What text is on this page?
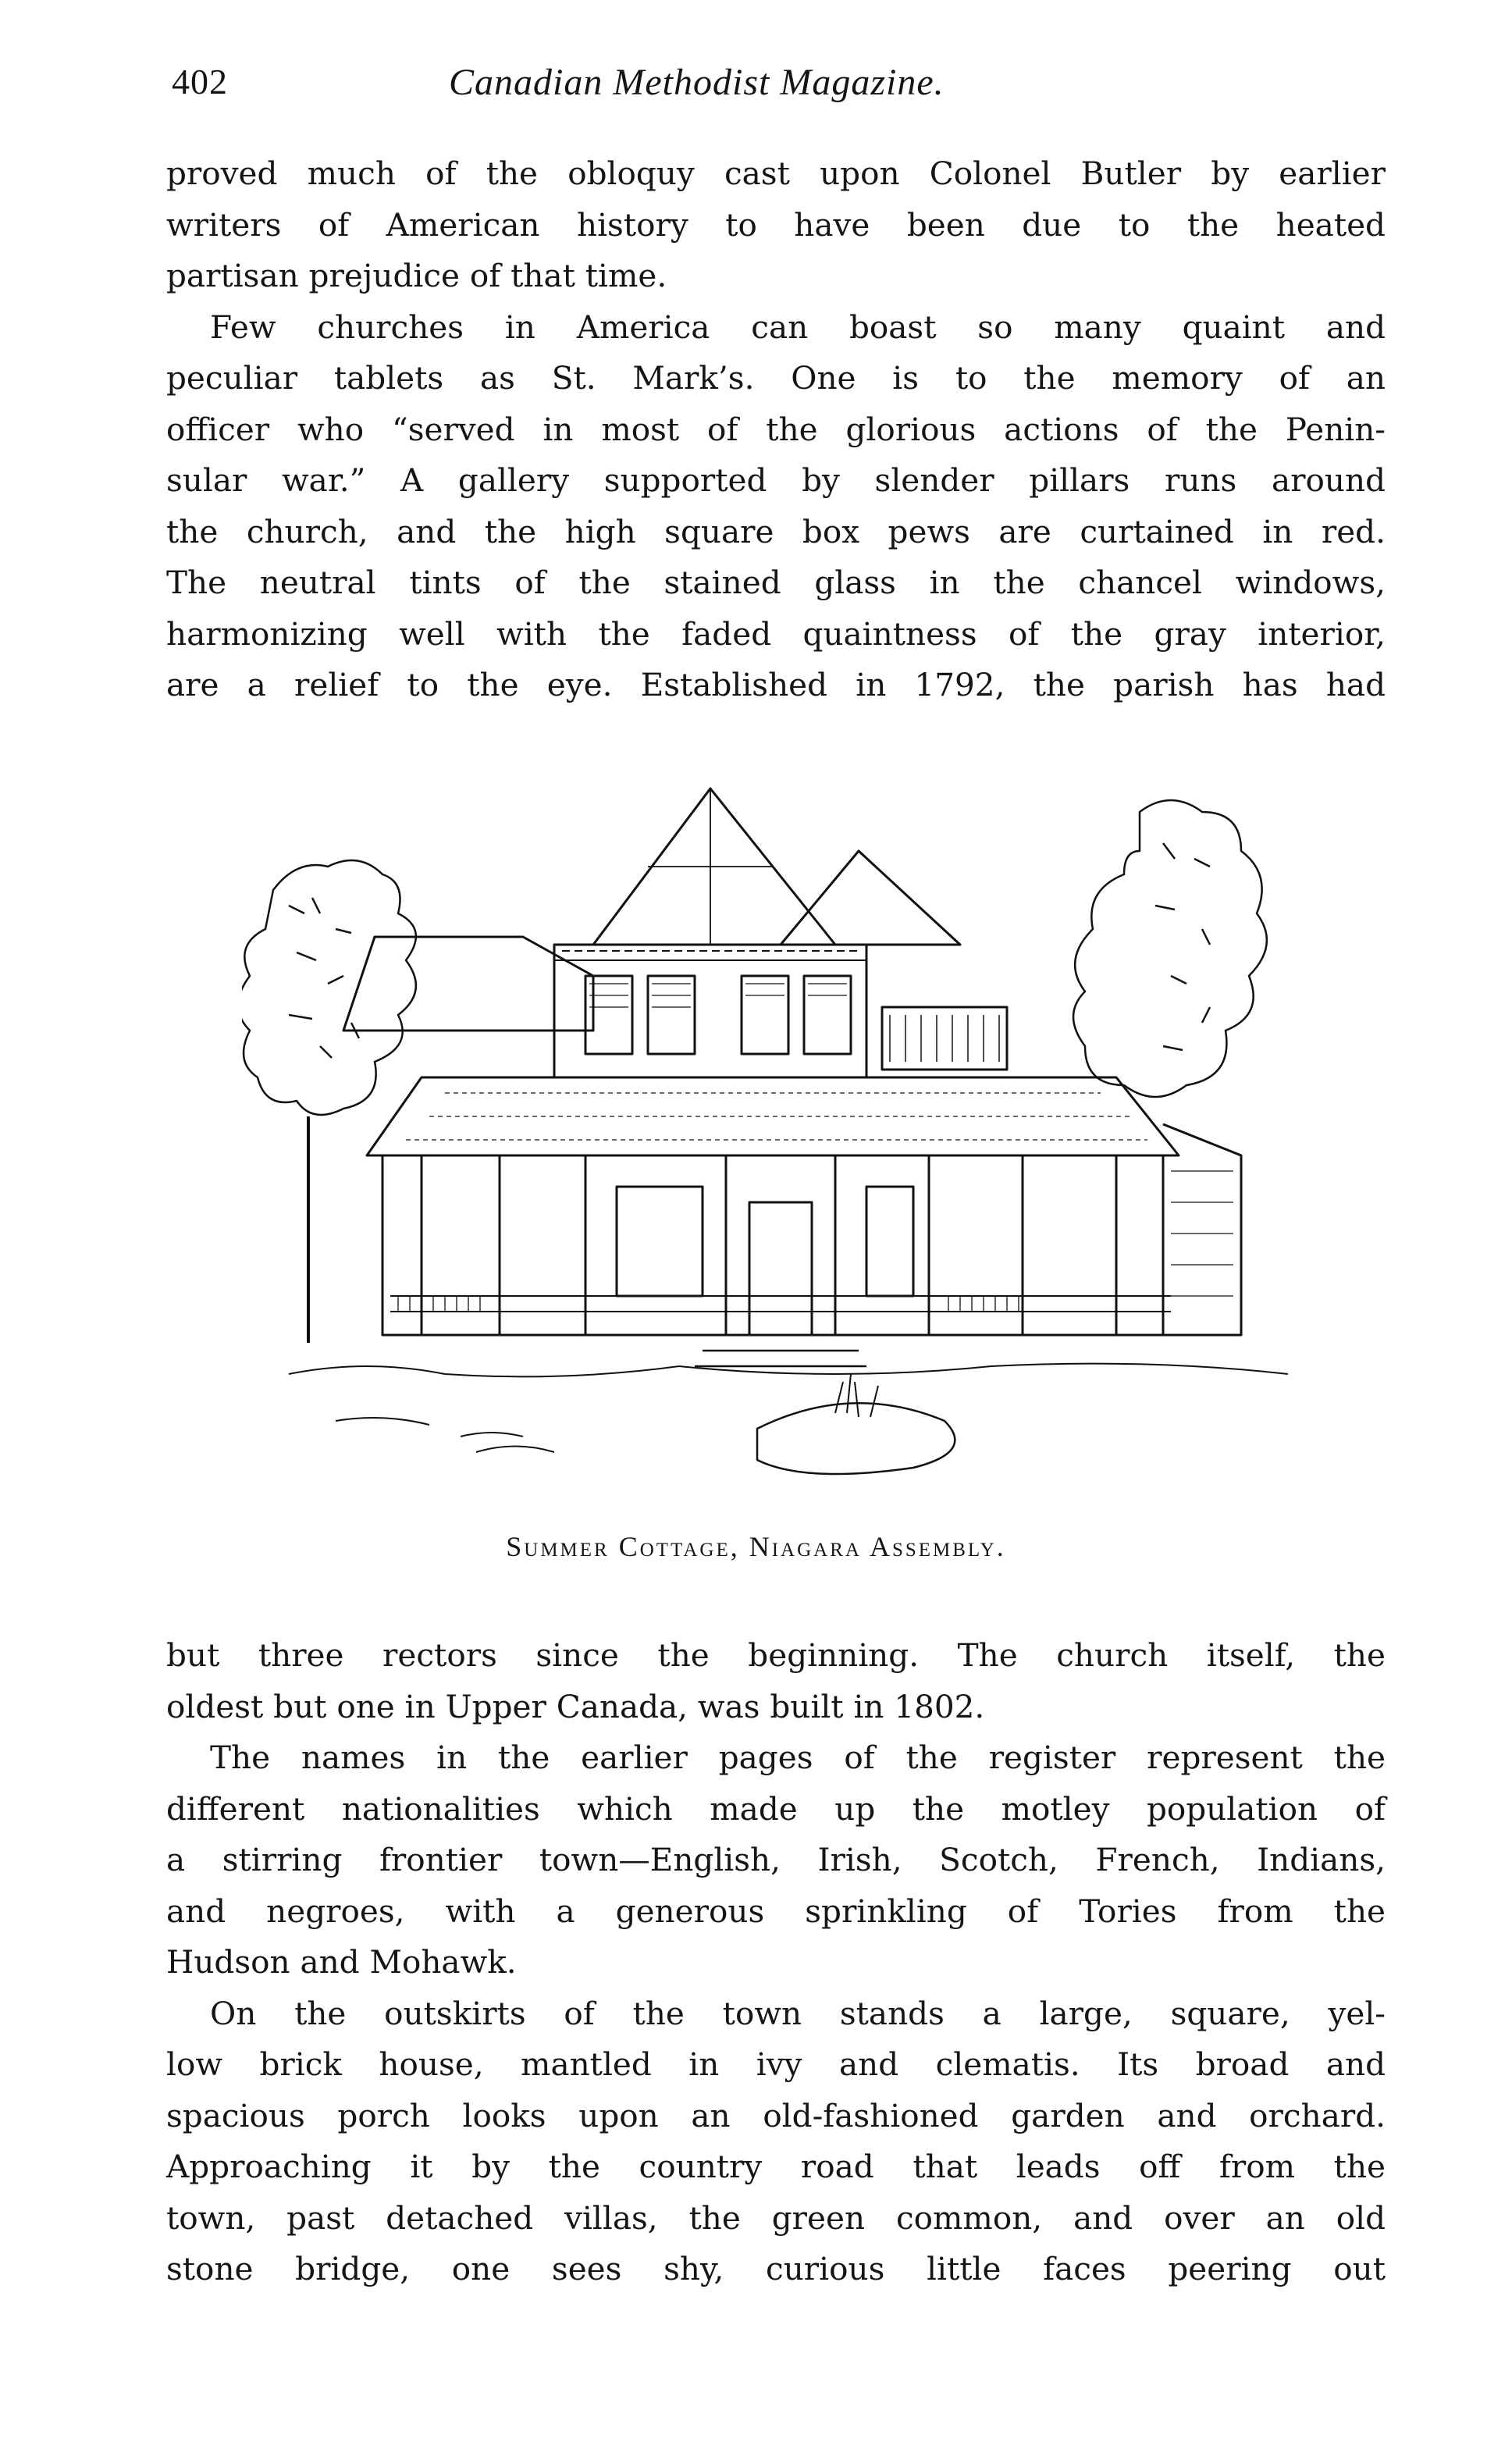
402	Canadian Methodist Magazine.
proved much of the obloquy cast upon Colonel Butler by earlier
writers of American history to have been due to the heated
partisan prejudice of that time.
Few churches in America can boast so many quaint and
peculiar tablets as St. Mark’s. One is to the memory of an
officer who “served in most of the glorious actions of the Penin-
sular war.” A gallery supported by slender pillars runs around
the church, and the high square box pews are curtained in red.
The neutral tints of the stained glass in the chancel windows,
harmonizing well with the faded quaintness of the gray interior,
are a relief to the eye. Established in 1792, the parish has had
Summer Cottage, Niagara Assembly.
but three rectors since the beginning. The church itself, the
oldest but one in Upper Canada, was built in 1802.
The names in the earlier pages of the register represent the
different nationalities which made up the motley population of
a stirring frontier town—English, Irish, Scotch, French, Indians,
and negroes, with a generous sprinkling of Tories from the
Hudson and Mohawk.
On the outskirts of the town stands a large, square, yel-
low brick house, mantled in ivy and clematis. Its broad and
spacious porch looks upon an old-fashioned garden and orchard.
Approaching it by the country road that leads off from the
town, past detached villas, the green common, and over an old
stone bridge, one sees shy, curious little faces peering out
